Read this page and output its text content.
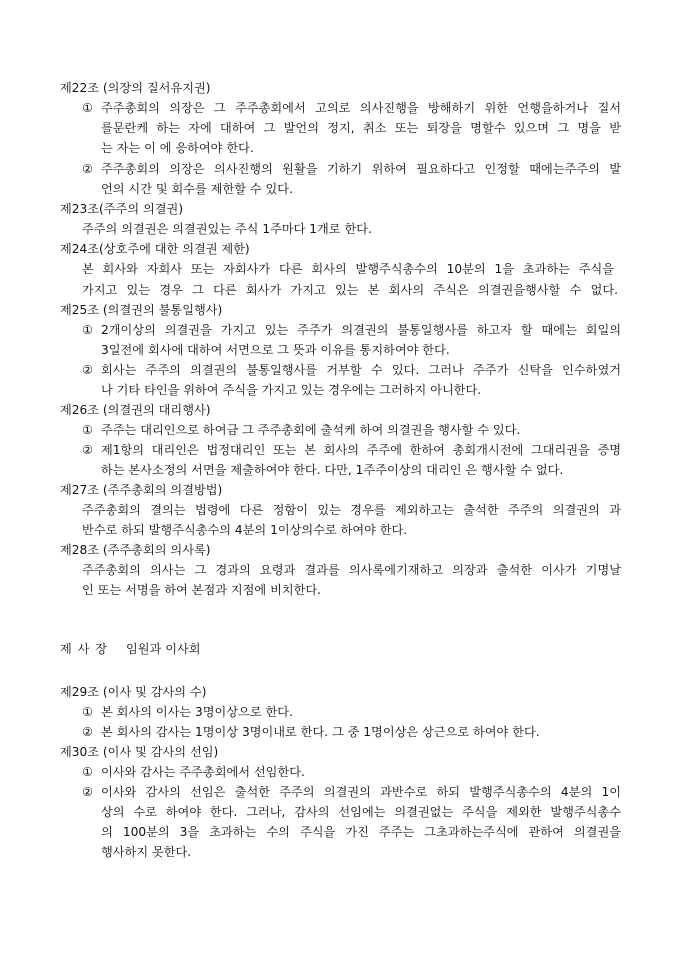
제22조 (의장의 질서유지권)
① 주주총회의 의장은 그 주주총회에서 고의로 의사진행을 방해하기 위한 언행을하거나 질서
를문란케 하는 자에 대하여 그 발언의 정지, 취소 또는 퇴장을 명할수 있으며 그 명을 받
는 자는 이 에 응하여야 한다.
② 주주총회의 의장은 의사진행의 원활을 기하기 위하여 필요하다고 인정할 때에는주주의 발
언의 시간 및 회수를 제한할 수 있다.
제23조(주주의 의결권)
주주의 의결권은 의결권있는 주식 1주마다 1개로 한다.
제24조(상호주에 대한 의결권 제한)
본 회사와 자회사 또는 자회사가 다른 회사의 발행주식총수의 10분의 1을 초과하는 주식을
가지고 있는 경우 그 다른 회사가 가지고 있는 본 회사의 주식은 의결권을행사할 수 없다.
제25조 (의결권의 불통일행사)
① 2개이상의 의결권을 가지고 있는 주주가 의결권의 불통일행사를 하고자 할 때에는 회일의
3일전에 회사에 대하여 서면으로 그 뜻과 이유를 통지하여야 한다.
② 회사는 주주의 의결권의 불통일행사를 거부할 수 있다. 그러나 주주가 신탁을 인수하였거
나 기타 타인을 위하여 주식을 가지고 있는 경우에는 그러하지 아니한다.
제26조 (의결권의 대리행사)
① 주주는 대리인으로 하여금 그 주주총회에 출석케 하여 의결권을 행사할 수 있다.
② 제1항의 대리인은 법정대리인 또는 본 회사의 주주에 한하여 총회개시전에 그대리권을 증명
하는 본사소정의 서면을 제출하여야 한다. 다만, 1주주이상의 대리인 은 행사할 수 없다.
제27조 (주주총회의 의결방법)
주주총회의 결의는 법령에 다른 정함이 있는 경우를 제외하고는 출석한 주주의 의결권의 과
반수로 하되 발행주식총수의 4분의 1이상의수로 하여야 한다.
제28조 (주주총회의 의사록)
주주총회의 의사는 그 경과의 요령과 결과를 의사록에기재하고 의장과 출석한 이사가 기명날
인 또는 서명을 하여 본점과 지점에 비치한다.
제 사 장 임원과 이사회
제29조 (이사 및 감사의 수)
① 본 회사의 이사는 3명이상으로 한다.
② 본 회사의 감사는 1명이상 3명이내로 한다. 그 중 1명이상은 상근으로 하여야 한다.
제30조 (이사 및 감사의 선임)
① 이사와 감사는 주주총회에서 선임한다.
② 이사와 감사의 선임은 출석한 주주의 의결권의 과반수로 하되 발행주식총수의 4분의 1이
상의 수로 하여야 한다. 그러나, 감사의 선임에는 의결권없는 주식을 제외한 발행주식총수
의 100분의 3을 초과하는 수의 주식을 가진 주주는 그초과하는주식에 관하여 의결권을
행사하지 못한다.
